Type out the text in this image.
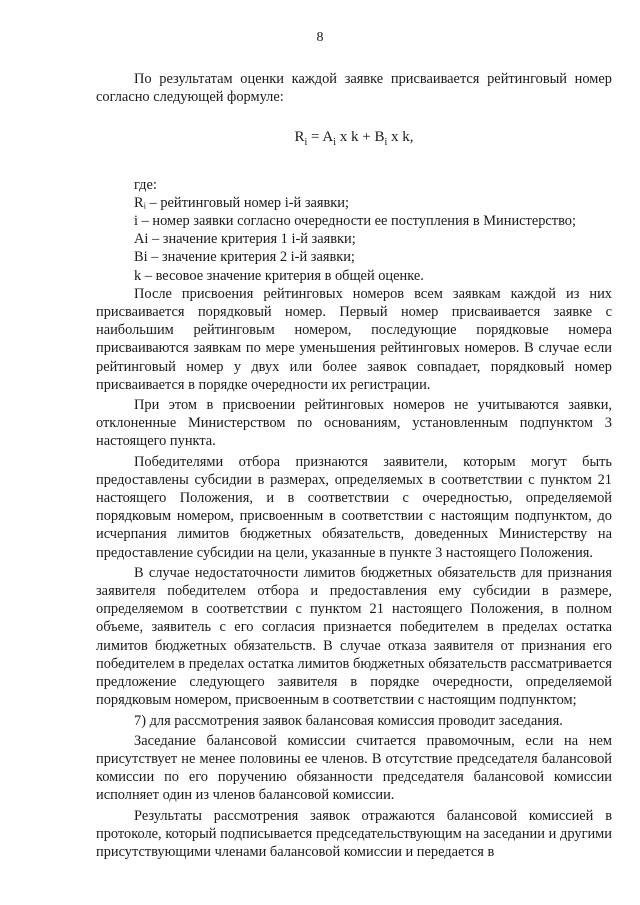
8

По результатам оценки каждой заявке присваивается рейтинговый номер согласно следующей формуле:

$R_i = A_i$ x $k + B_i$ x k,
где:
Rᵢ – рейтинговый номер i-й заявки;
i – номер заявки согласно очередности ее поступления в Министерство;
Ai – значение критерия 1 i-й заявки;
Bi – значение критерия 2 i-й заявки;
k – весовое значение критерия в общей оценке.

После присвоения рейтинговых номеров всем заявкам каждой из них присваивается порядковый номер. Первый номер присваивается заявке с наибольшим рейтинговым номером, последующие порядковые номера присваиваются заявкам по мере уменьшения рейтинговых номеров. В случае если рейтинговый номер у двух или более заявок совпадает, порядковый номер присваивается в порядке очередности их регистрации.

При этом в присвоении рейтинговых номеров не учитываются заявки, отклоненные Министерством по основаниям, установленным подпунктом 3 настоящего пункта.

Победителями отбора признаются заявители, которым могут быть предоставлены субсидии в размерах, определяемых в соответствии с пунктом 21 настоящего Положения, и в соответствии с очередностью, определяемой порядковым номером, присвоенным в соответствии с настоящим подпунктом, до исчерпания лимитов бюджетных обязательств, доведенных Министерству на предоставление субсидии на цели, указанные в пункте 3 настоящего Положения.

В случае недостаточности лимитов бюджетных обязательств для признания заявителя победителем отбора и предоставления ему субсидии в размере, определяемом в соответствии с пунктом 21 настоящего Положения, в полном объеме, заявитель с его согласия признается победителем в пределах остатка лимитов бюджетных обязательств. В случае отказа заявителя от признания его победителем в пределах остатка лимитов бюджетных обязательств рассматривается предложение следующего заявителя в порядке очередности, определяемой порядковым номером, присвоенным в соответствии с настоящим подпунктом;

7) для рассмотрения заявок балансовая комиссия проводит заседания.

Заседание балансовой комиссии считается правомочным, если на нем присутствует не менее половины ее членов. В отсутствие председателя балансовой комиссии по его поручению обязанности председателя балансовой комиссии исполняет один из членов балансовой комиссии.

Результаты рассмотрения заявок отражаются балансовой комиссией в протоколе, который подписывается председательствующим на заседании и другими присутствующими членами балансовой комиссии и передается в
